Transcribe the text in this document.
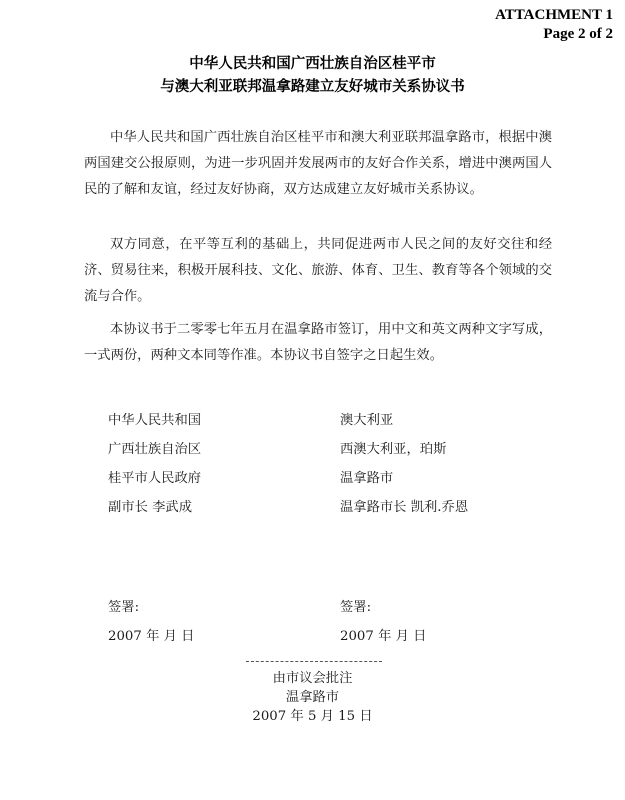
ATTACHMENT 1
Page 2 of 2
中华人民共和国广西壮族自治区桂平市
与澳大利亚联邦温拿路建立友好城市关系协议书

中华人民共和国广西壮族自治区桂平市和澳大利亚联邦温拿路市，根据中澳两国建交公报原则，为进一步巩固并发展两市的友好合作关系，增进中澳两国人民的了解和友谊，经过友好协商，双方达成建立友好城市关系协议。

双方同意，在平等互利的基础上，共同促进两市人民之间的友好交往和经济、贸易往来，积极开展科技、文化、旅游、体育、卫生、教育等各个领域的交流与合作。

本协议书于二零零七年五月在温拿路市签订，用中文和英文两种文字写成，一式两份，两种文本同等作准。本协议书自签字之日起生效。

中华人民共和国
广西壮族自治区
桂平市人民政府
副市长 李武成
澳大利亚
西澳大利亚，珀斯
温拿路市
温拿路市长 凯利.乔恩
签署:
2007 年 月 日
签署:
2007 年 月 日
由市议会批注
温拿路市
2007 年 5 月 15 日
